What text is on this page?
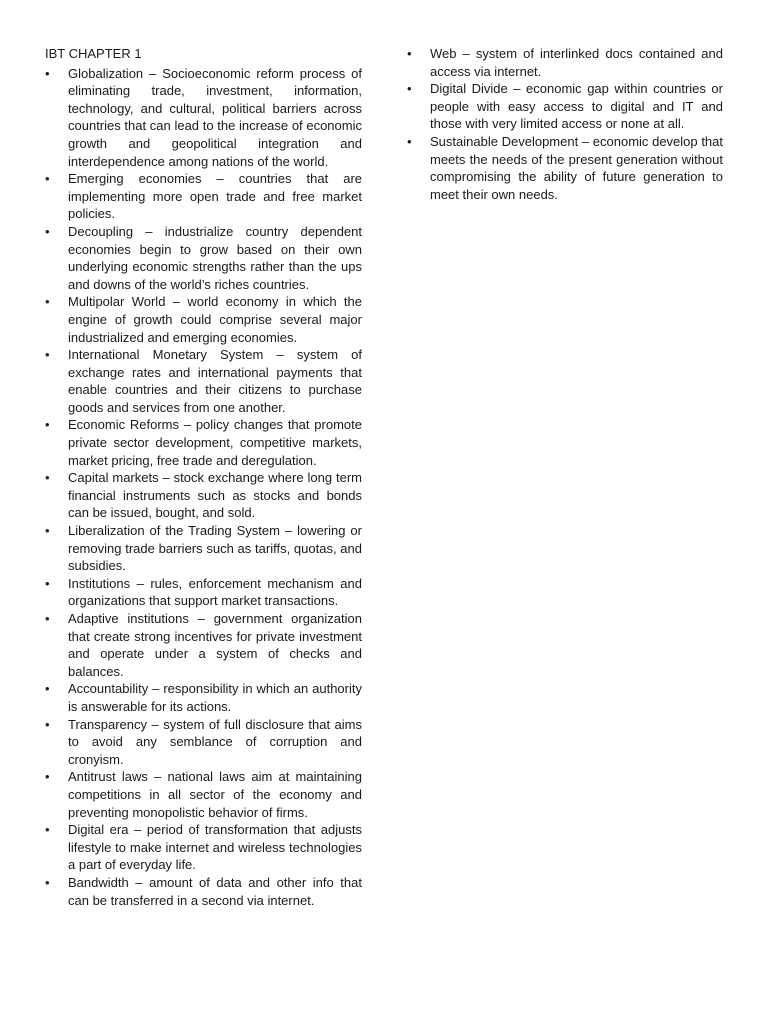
IBT CHAPTER 1
• Globalization – Socioeconomic reform process of eliminating trade, investment, information, technology, and cultural, political barriers across countries that can lead to the increase of economic growth and geopolitical integration and interdependence among nations of the world.
• Emerging economies – countries that are implementing more open trade and free market policies.
• Decoupling – industrialize country dependent economies begin to grow based on their own underlying economic strengths rather than the ups and downs of the world’s riches countries.
• Multipolar World – world economy in which the engine of growth could comprise several major industrialized and emerging economies.
• International Monetary System – system of exchange rates and international payments that enable countries and their citizens to purchase goods and services from one another.
• Economic Reforms – policy changes that promote private sector development, competitive markets, market pricing, free trade and deregulation.
• Capital markets – stock exchange where long term financial instruments such as stocks and bonds can be issued, bought, and sold.
• Liberalization of the Trading System – lowering or removing trade barriers such as tariffs, quotas, and subsidies.
• Institutions – rules, enforcement mechanism and organizations that support market transactions.
• Adaptive institutions – government organization that create strong incentives for private investment and operate under a system of checks and balances.
• Accountability – responsibility in which an authority is answerable for its actions.
• Transparency – system of full disclosure that aims to avoid any semblance of corruption and cronyism.
• Antitrust laws – national laws aim at maintaining competitions in all sector of the economy and preventing monopolistic behavior of firms.
• Digital era – period of transformation that adjusts lifestyle to make internet and wireless technologies a part of everyday life.
• Bandwidth – amount of data and other info that can be transferred in a second via internet.
• Web – system of interlinked docs contained and access via internet.
• Digital Divide – economic gap within countries or people with easy access to digital and IT and those with very limited access or none at all.
• Sustainable Development – economic develop that meets the needs of the present generation without compromising the ability of future generation to meet their own needs.
